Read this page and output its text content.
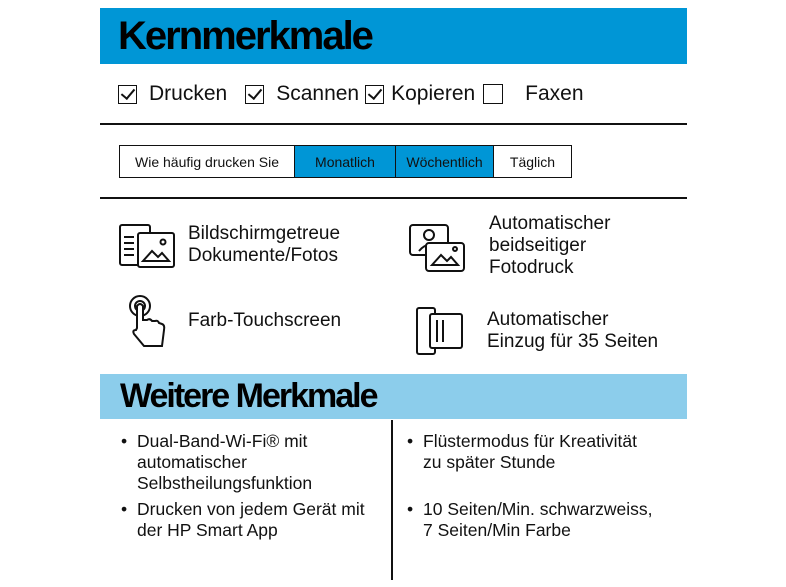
Kernmerkmale
Drucken Scannen Kopieren Faxen
Wie häufig drucken Sie	Monatlich	Wöchentlich	Täglich
Bildschirmgetreue
Dokumente/Fotos
Automatischer
beidseitiger
Fotodruck
Farb-Touchscreen	Automatischer
Einzug für 35 Seiten
Weitere Merkmale
• Dual-Band-Wi-Fi® mit
automatischer
Selbstheilungsfunktion
• Drucken von jedem Gerät mit
der HP Smart App
• Flüstermodus für Kreativität
zu später Stunde
• 10 Seiten/Min. schwarzweiss,
7 Seiten/Min Farbe
